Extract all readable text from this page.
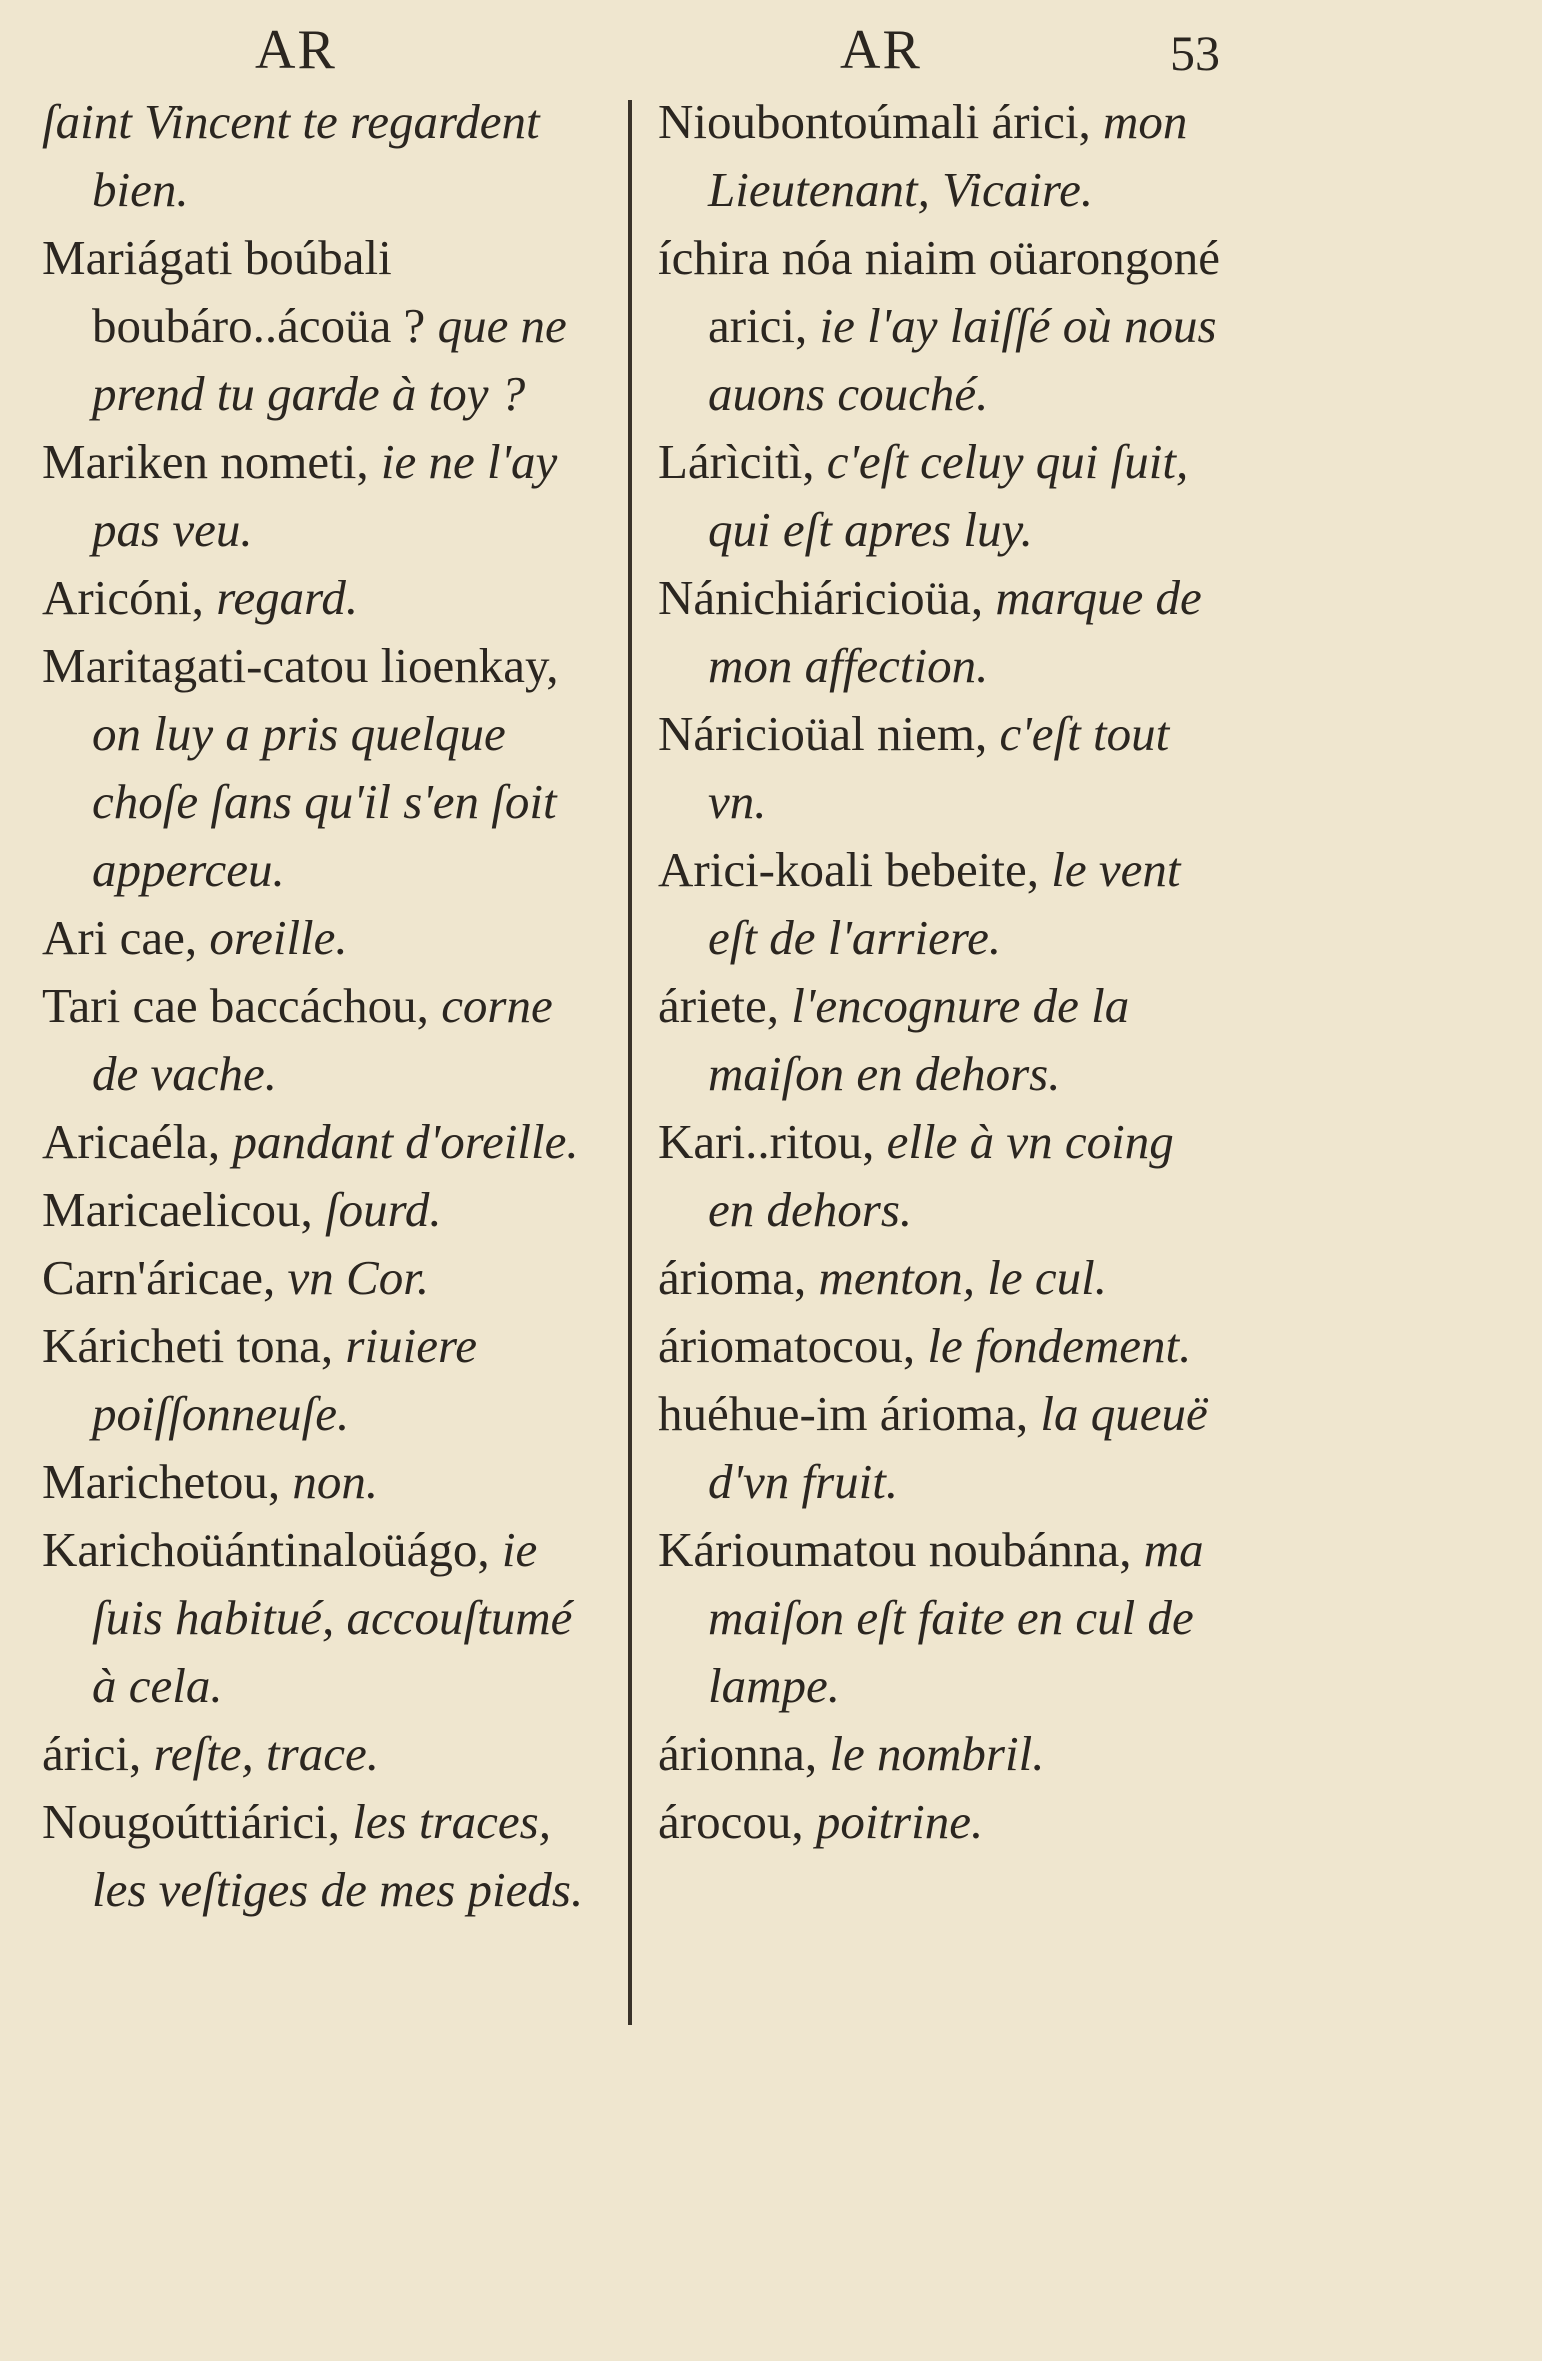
AR	AR	53

ſaint Vincent te regardent bien.

Mariágati boúbali boubáro..ácoüa ? que ne prend tu garde à toy ?

Mariken nometi, ie ne l'ay pas veu.

Aricóni, regard.

Maritagati-catou lioenkay, on luy a pris quelque choſe ſans qu'il s'en ſoit apperceu.

Ari cae, oreille.

Tari cae baccáchou, corne de vache.

Aricaéla, pandant d'oreille.

Maricaelicou, ſourd.

Carn'áricae, vn Cor.

Káricheti tona, riuiere poiſſonneuſe.

Marichetou, non.

Karichoüántinaloüágo, ie ſuis habitué, accouſtumé à cela.

árici, reſte, trace.

Nougoúttiárici, les traces, les veſtiges de mes pieds.

Nioubontoúmali árici, mon Lieutenant, Vicaire.

íchira nóa niaim oüarongoné arici, ie l'ay laiſſé où nous auons couché.

Lárìcitì, c'eſt celuy qui ſuit, qui eſt apres luy.

Nánichiáricioüa, marque de mon affection.

Náricioüal niem, c'eſt tout vn.

Arici-koali bebeite, le vent eſt de l'arriere.

áriete, l'encognure de la maiſon en dehors.

Kari..ritou, elle à vn coing en dehors.

árioma, menton, le cul.

áriomatocou, le fondement.

huéhue-im árioma, la queuë d'vn fruit.

Kárioumatou noubánna, ma maiſon eſt faite en cul de lampe.

árionna, le nombril.

árocou, poitrine.
